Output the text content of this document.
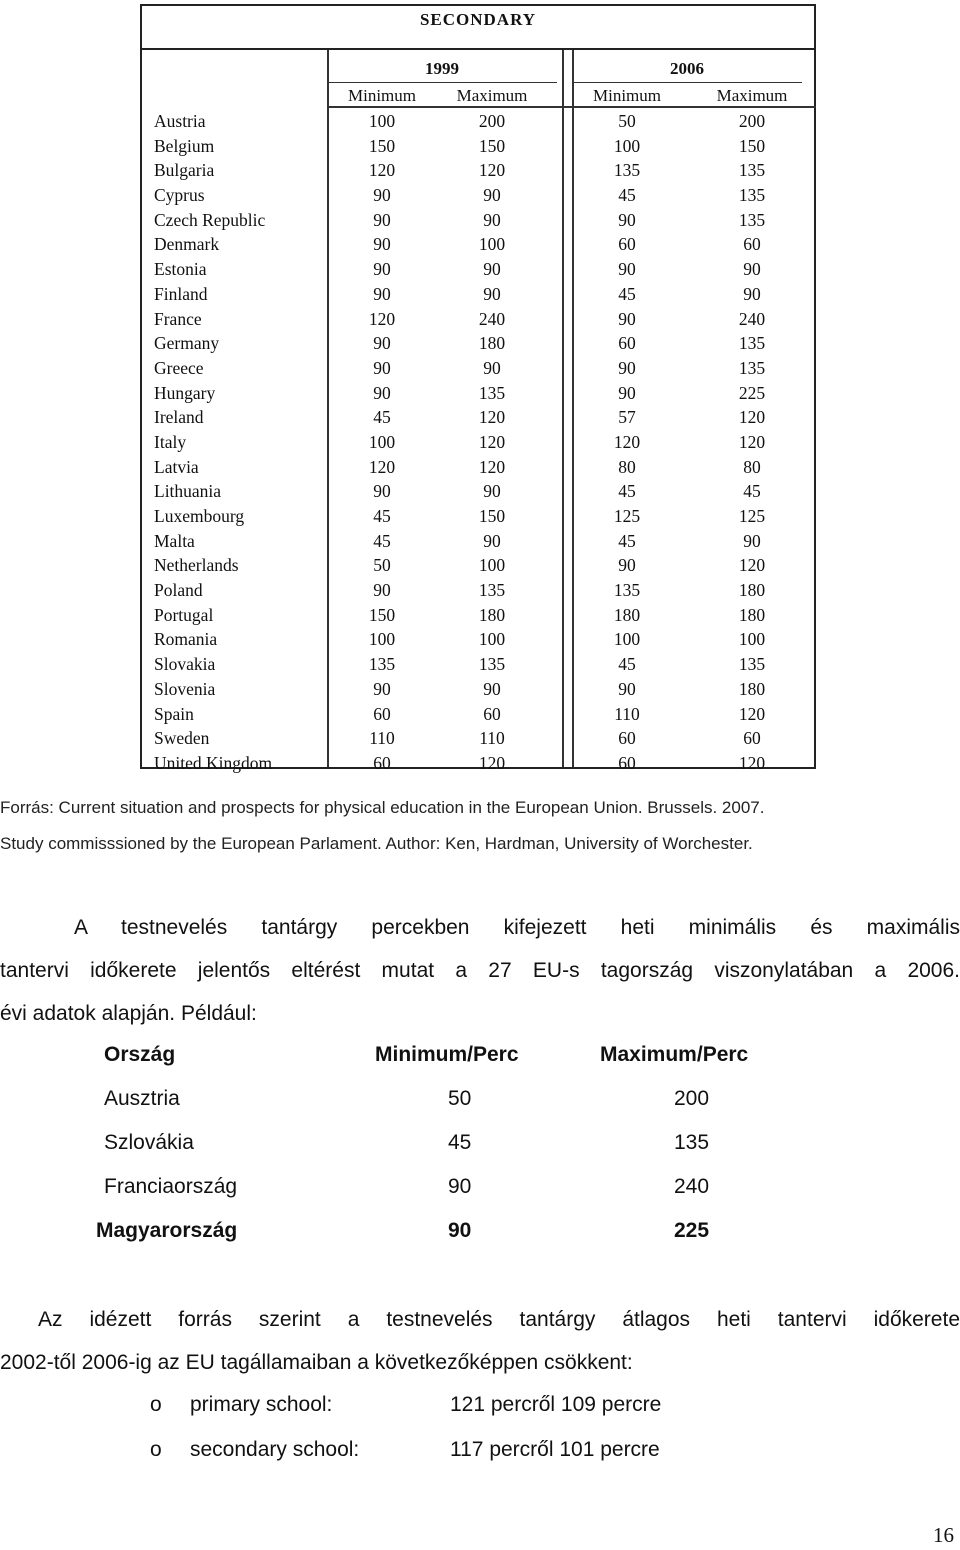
SECONDARY
1999	2006
Minimum	Maximum	Minimum	Maximum
Austria	100	200	50	200
Belgium	150	150	100	150
Bulgaria	120	120	135	135
Cyprus	90	90	45	135
Czech Republic	90	90	90	135
Denmark	90	100	60	60
Estonia	90	90	90	90
Finland	90	90	45	90
France	120	240	90	240
Germany	90	180	60	135
Greece	90	90	90	135
Hungary	90	135	90	225
Ireland	45	120	57	120
Italy	100	120	120	120
Latvia	120	120	80	80
Lithuania	90	90	45	45
Luxembourg	45	150	125	125
Malta	45	90	45	90
Netherlands	50	100	90	120
Poland	90	135	135	180
Portugal	150	180	180	180
Romania	100	100	100	100
Slovakia	135	135	45	135
Slovenia	90	90	90	180
Spain	60	60	110	120
Sweden	110	110	60	60
United Kingdom	60	120	60	120
Forrás: Current situation and prospects for physical education in the European Union. Brussels. 2007.
Study commisssioned by the European Parlament. Author: Ken, Hardman, University of Worchester.
A testnevelés tantárgy percekben kifejezett heti minimális és maximális
tantervi időkerete jelentős eltérést mutat a 27 EU-s tagország viszonylatában a 2006.
évi adatok alapján. Például:
Ország	Minimum/Perc	Maximum/Perc
Ausztria	50	200
Szlovákia	45	135
Franciaország	90	240
Magyarország	90	225
Az idézett forrás szerint a testnevelés tantárgy átlagos heti tantervi időkerete
2002-től 2006-ig az EU tagállamaiban a következőképpen csökkent:
o primary school:	121 percről 109 percre
o secondary school:	117 percről 101 percre
16
